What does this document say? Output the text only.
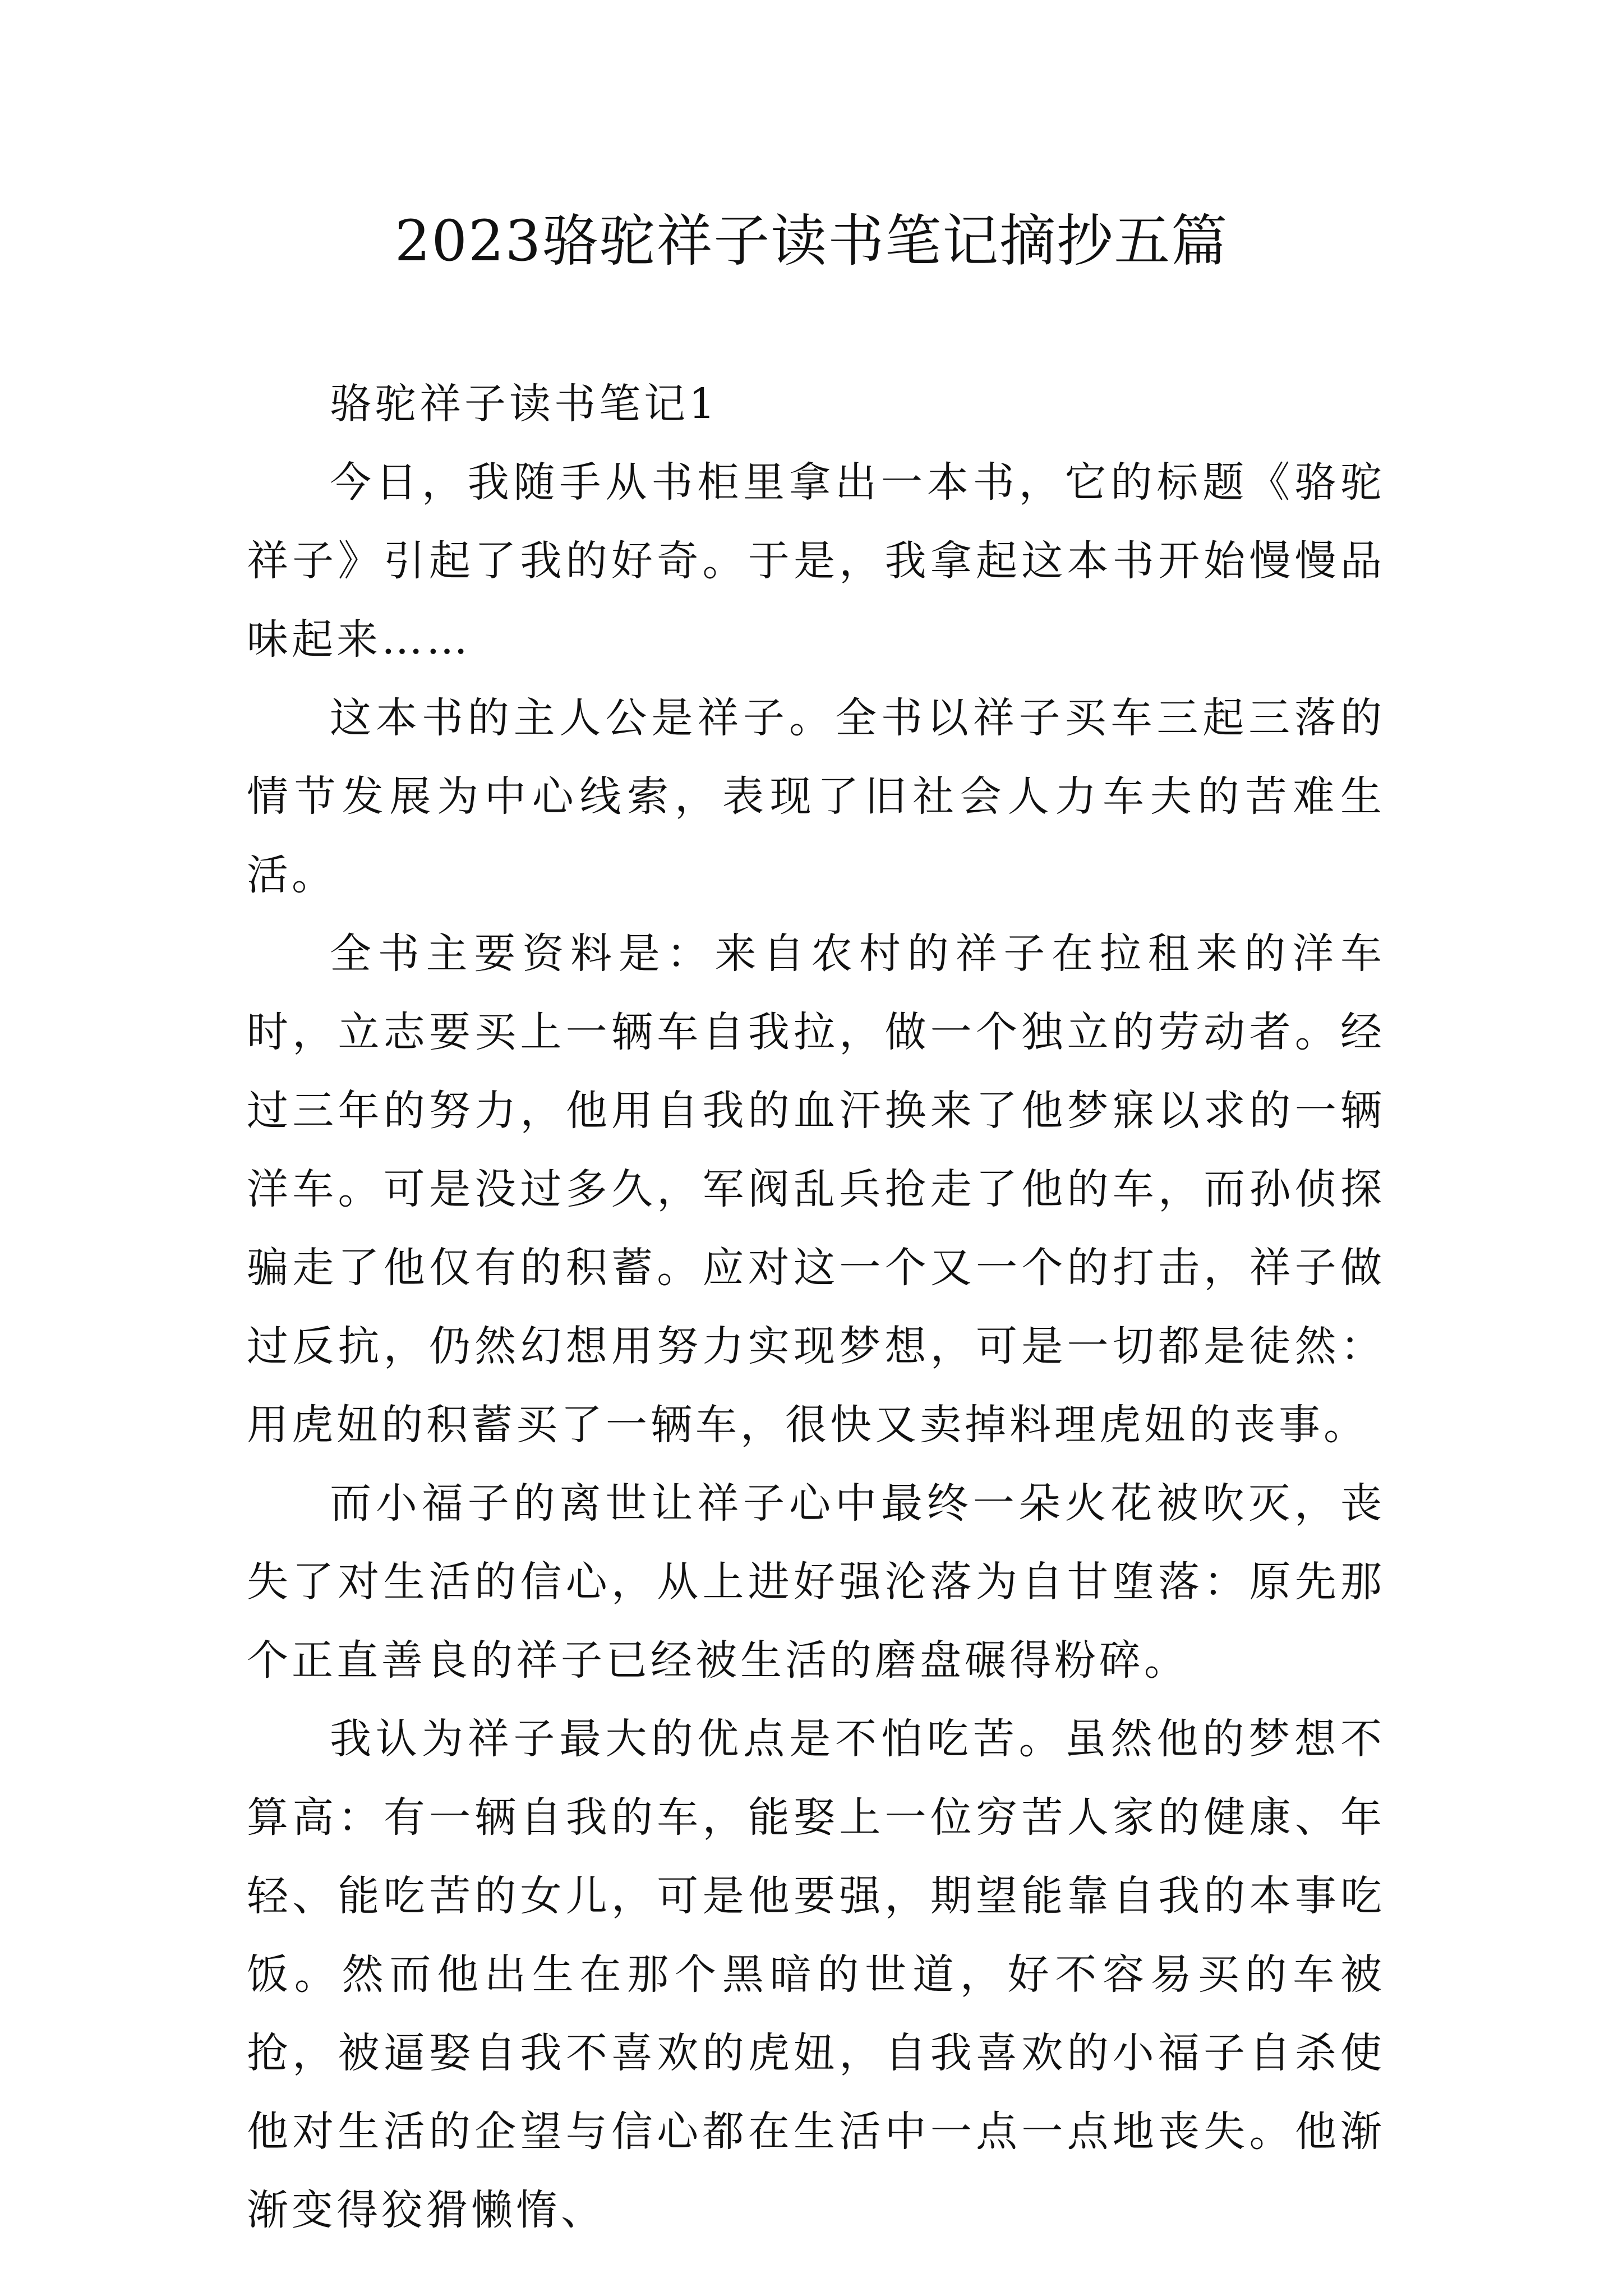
2023骆驼祥子读书笔记摘抄五篇

骆驼祥子读书笔记1

今日，我随手从书柜里拿出一本书，它的标题《骆驼祥子》引起了我的好奇。于是，我拿起这本书开始慢慢品味起来……

这本书的主人公是祥子。全书以祥子买车三起三落的情节发展为中心线索，表现了旧社会人力车夫的苦难生活。

全书主要资料是：来自农村的祥子在拉租来的洋车时，立志要买上一辆车自我拉，做一个独立的劳动者。经过三年的努力，他用自我的血汗换来了他梦寐以求的一辆洋车。可是没过多久，军阀乱兵抢走了他的车，而孙侦探骗走了他仅有的积蓄。应对这一个又一个的打击，祥子做过反抗，仍然幻想用努力实现梦想，可是一切都是徒然：用虎妞的积蓄买了一辆车，很快又卖掉料理虎妞的丧事。

而小福子的离世让祥子心中最终一朵火花被吹灭，丧失了对生活的信心，从上进好强沦落为自甘堕落：原先那个正直善良的祥子已经被生活的磨盘碾得粉碎。

我认为祥子最大的优点是不怕吃苦。虽然他的梦想不算高：有一辆自我的车，能娶上一位穷苦人家的健康、年轻、能吃苦的女儿，可是他要强，期望能靠自我的本事吃饭。然而他出生在那个黑暗的世道，好不容易买的车被抢，被逼娶自我不喜欢的虎妞，自我喜欢的小福子自杀使他对生活的企望与信心都在生活中一点一点地丧失。他渐渐变得狡猾懒惰、
